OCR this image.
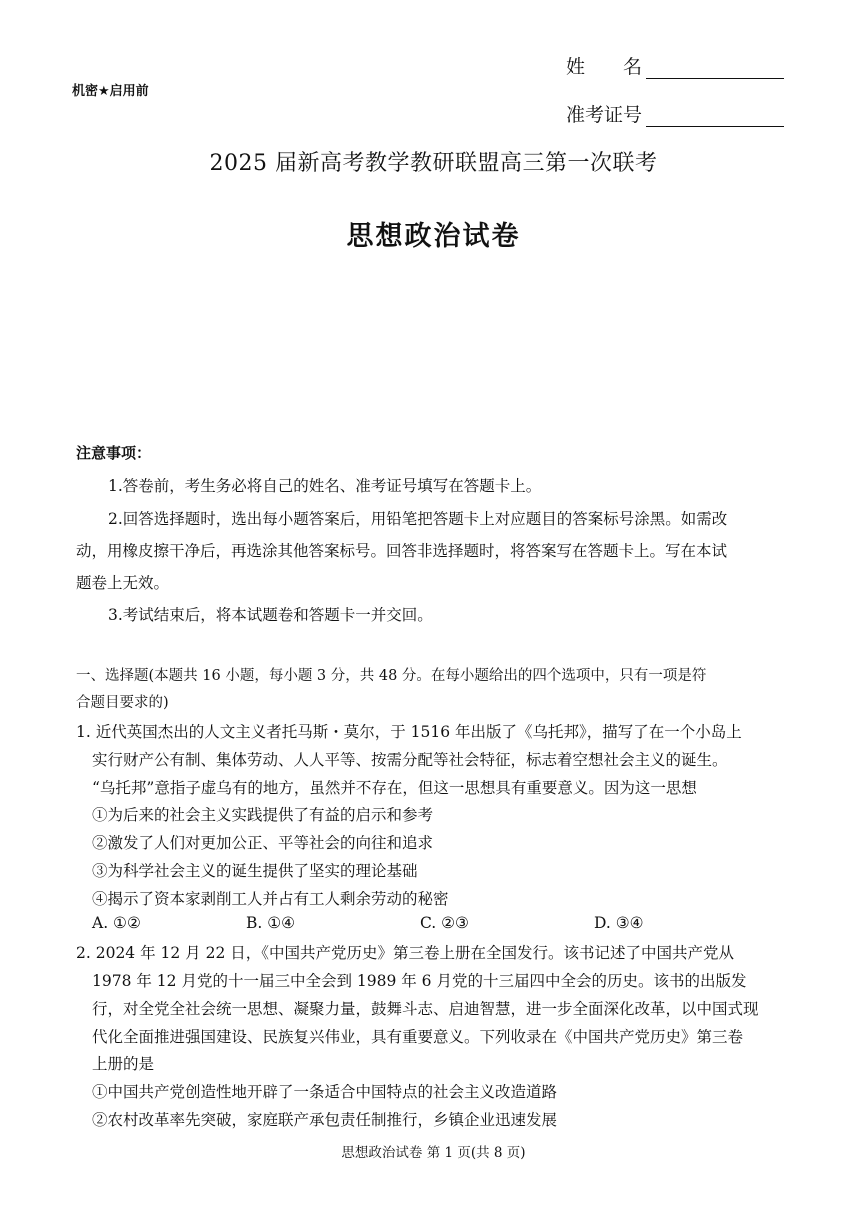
机密★启用前
姓　　名
准考证号
2025 届新高考教学教研联盟高三第一次联考
思想政治试卷
注意事项：
1.答卷前，考生务必将自己的姓名、准考证号填写在答题卡上。
2.回答选择题时，选出每小题答案后，用铅笔把答题卡上对应题目的答案标号涂黑。如需改
动，用橡皮擦干净后，再选涂其他答案标号。回答非选择题时，将答案写在答题卡上。写在本试
题卷上无效。
3.考试结束后，将本试题卷和答题卡一并交回。
一、选择题(本题共 16 小题，每小题 3 分，共 48 分。在每小题给出的四个选项中，只有一项是符
合题目要求的)
1. 近代英国杰出的人文主义者托马斯・莫尔，于 1516 年出版了《乌托邦》，描写了在一个小岛上
实行财产公有制、集体劳动、人人平等、按需分配等社会特征，标志着空想社会主义的诞生。
“乌托邦”意指子虚乌有的地方，虽然并不存在，但这一思想具有重要意义。因为这一思想
①为后来的社会主义实践提供了有益的启示和参考
②激发了人们对更加公正、平等社会的向往和追求
③为科学社会主义的诞生提供了坚实的理论基础
④揭示了资本家剥削工人并占有工人剩余劳动的秘密
A. ①②	B. ①④	C. ②③	D. ③④
2. 2024 年 12 月 22 日，《中国共产党历史》第三卷上册在全国发行。该书记述了中国共产党从
1978 年 12 月党的十一届三中全会到 1989 年 6 月党的十三届四中全会的历史。该书的出版发
行，对全党全社会统一思想、凝聚力量，鼓舞斗志、启迪智慧，进一步全面深化改革，以中国式现
代化全面推进强国建设、民族复兴伟业，具有重要意义。下列收录在《中国共产党历史》第三卷
上册的是
①中国共产党创造性地开辟了一条适合中国特点的社会主义改造道路
②农村改革率先突破，家庭联产承包责任制推行，乡镇企业迅速发展
思想政治试卷 第 1 页(共 8 页)
